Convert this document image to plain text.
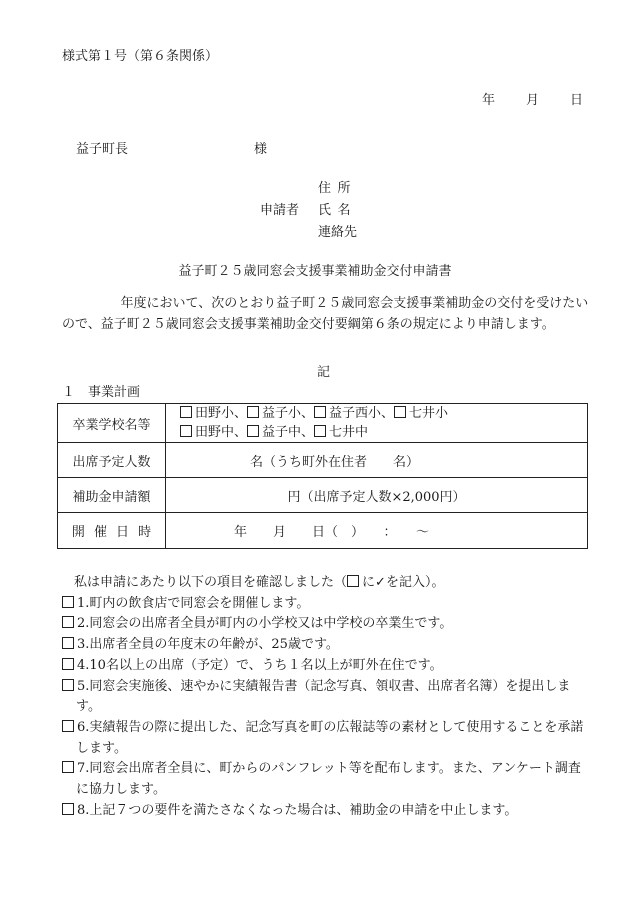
様式第１号（第６条関係）
年 月 日
益子町長	様
住所
申請者 氏名
連絡先
益子町２５歳同窓会支援事業補助金交付申請書
年度において、次のとおり益子町２５歳同窓会支援事業補助金の交付を受けたいので、益子町２５歳同窓会支援事業補助金交付要綱第６条の規定により申請します。
記
１　事業計画
卒業学校名等	田野小、 益子小、 益子西小、 七井小
田野中、 益子中、 七井中

出席予定人数	名（うち町外在住者　　名）
補助金申請額	円（出席予定人数×2,000円）
開催日時	年　　月　　日（　）　　：　　～
私は申請にあたり以下の項目を確認しました（ に✓を記入）。
1.町内の飲食店で同窓会を開催します。
2.同窓会の出席者全員が町内の小学校又は中学校の卒業生です。
3.出席者全員の年度末の年齢が、25歳です。
4.10名以上の出席（予定）で、うち１名以上が町外在住です。
5.同窓会実施後、速やかに実績報告書（記念写真、領収書、出席者名簿）を提出します。
6.実績報告の際に提出した、記念写真を町の広報誌等の素材として使用することを承諾します。
7.同窓会出席者全員に、町からのパンフレット等を配布します。また、アンケート調査に協力します。
8.上記７つの要件を満たさなくなった場合は、補助金の申請を中止します。
